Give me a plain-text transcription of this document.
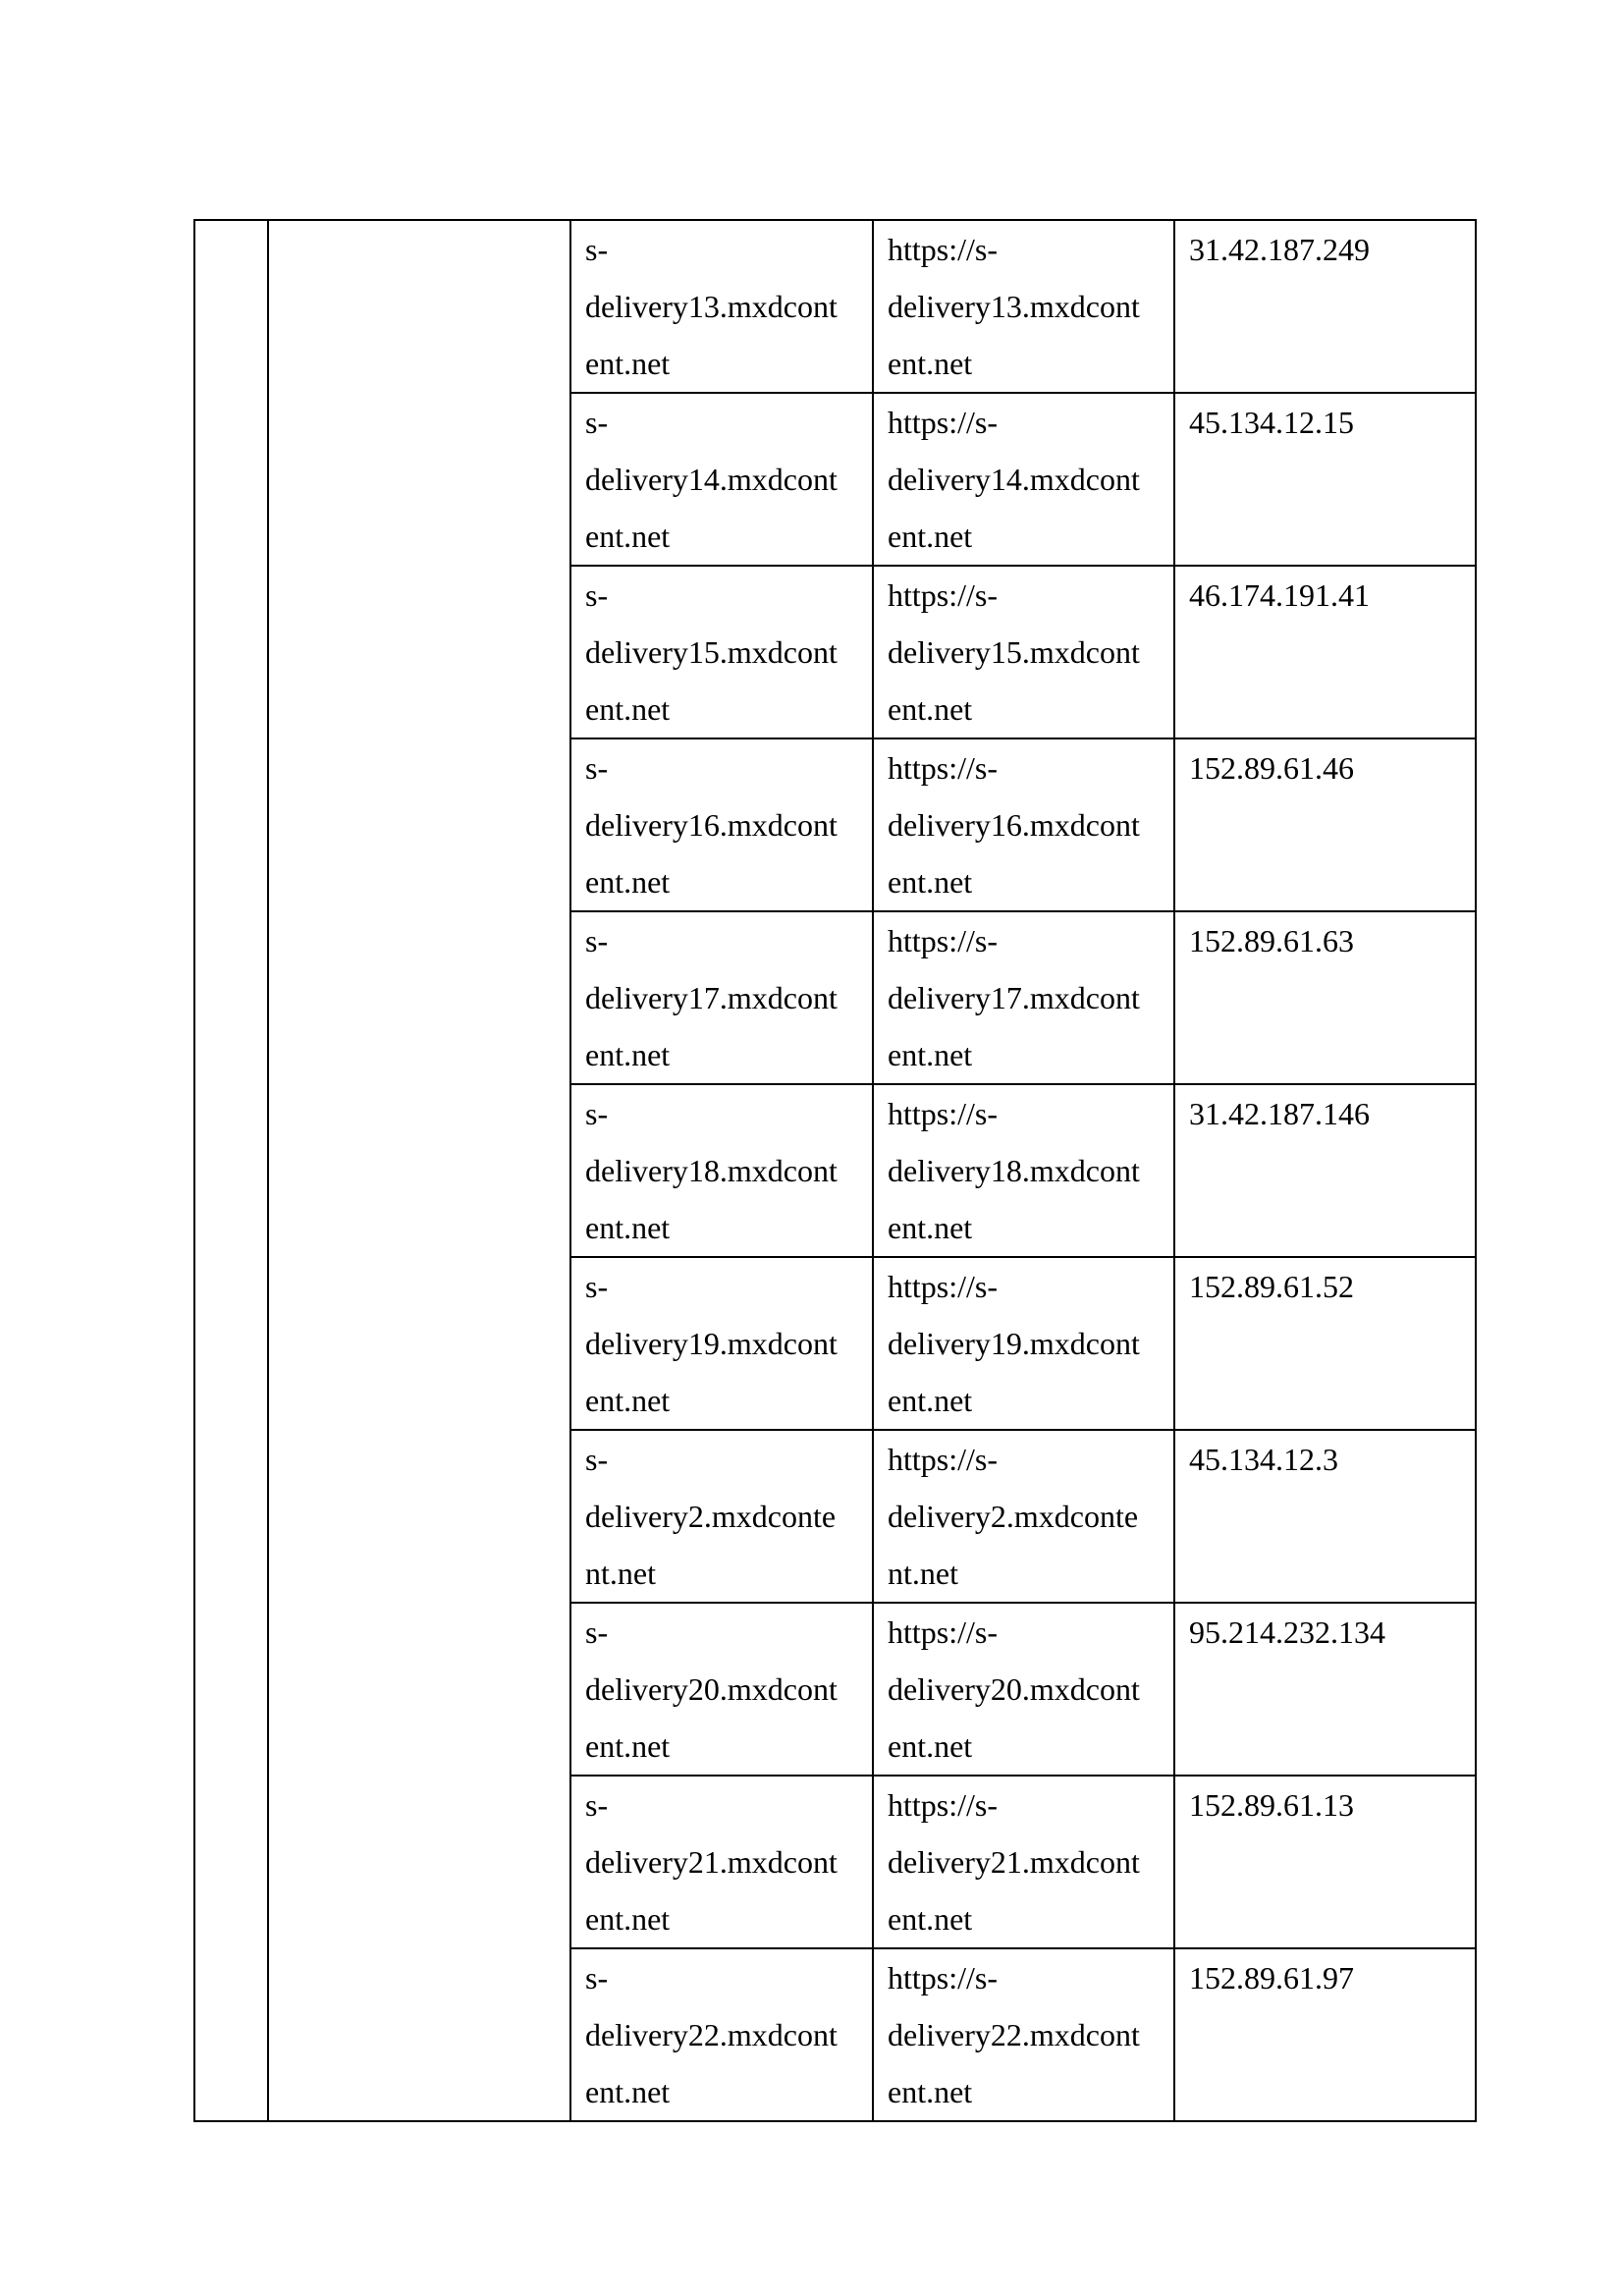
		s-
delivery13.mxdcont
ent.net	https://s-
delivery13.mxdcont
ent.net	31.42.187.249

		s-
delivery14.mxdcont
ent.net	https://s-
delivery14.mxdcont
ent.net	45.134.12.15

		s-
delivery15.mxdcont
ent.net	https://s-
delivery15.mxdcont
ent.net	46.174.191.41

		s-
delivery16.mxdcont
ent.net	https://s-
delivery16.mxdcont
ent.net	152.89.61.46

		s-
delivery17.mxdcont
ent.net	https://s-
delivery17.mxdcont
ent.net	152.89.61.63

		s-
delivery18.mxdcont
ent.net	https://s-
delivery18.mxdcont
ent.net	31.42.187.146

		s-
delivery19.mxdcont
ent.net	https://s-
delivery19.mxdcont
ent.net	152.89.61.52

		s-
delivery2.mxdconte
nt.net	https://s-
delivery2.mxdconte
nt.net	45.134.12.3

		s-
delivery20.mxdcont
ent.net	https://s-
delivery20.mxdcont
ent.net	95.214.232.134

		s-
delivery21.mxdcont
ent.net	https://s-
delivery21.mxdcont
ent.net	152.89.61.13

		s-
delivery22.mxdcont
ent.net	https://s-
delivery22.mxdcont
ent.net	152.89.61.97
